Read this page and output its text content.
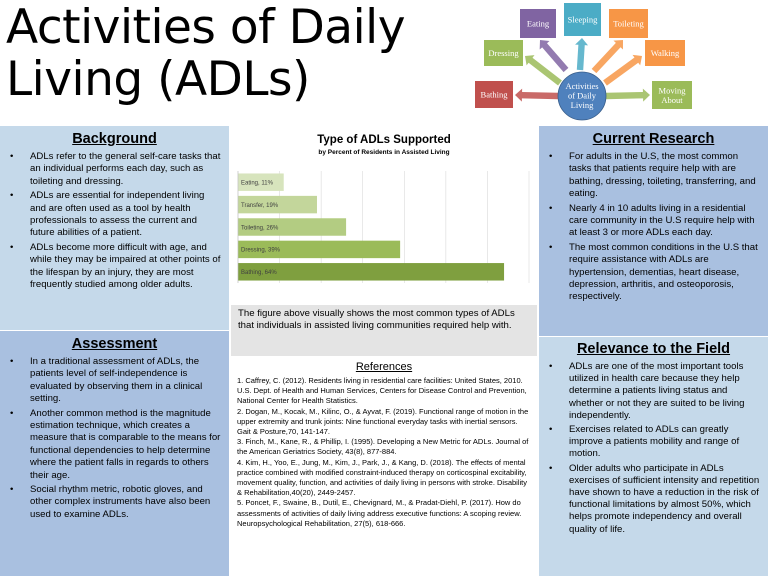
Activities of Daily Living (ADLs)
Eating Sleeping Toileting
Dressing	Walking
Bathing	Moving
About
Activities
of Daily
Living
Background
• ADLs refer to the general self-care tasks that an individual performs each day, such as toileting and dressing.
• ADLs are essential for independent living and are often used as a tool by health professionals to assess the current and future abilities of a patient.
• ADLs become more difficult with age, and while they may be impaired at other points of the lifespan by an injury, they are most frequently studied among older adults.
Assessment
• In a traditional assessment of ADLs, the patients level of self-independence is evaluated by observing them in a clinical setting.
• Another common method is the magnitude estimation technique, which creates a measure that is comparable to the means for functional dependencies to help determine where the patient falls in regards to others their age.
• Social rhythm metric, robotic gloves, and other complex instruments have also been used to examine ADLs.
Type of ADLs Supported
by Percent of Residents in Assisted Living
Eating, 11%
Transfer, 19%
Toileting, 26%
Dressing, 39%
Bathing, 64%
The figure above visually shows the most common types of ADLs that individuals in assisted living communities required help with.
References

1. Caffrey, C. (2012). Residents living in residential care facilities: United States, 2010. U.S. Dept. of Health and Human Services, Centers for Disease Control and Prevention, National Center for Health Statistics.

2. Dogan, M., Kocak, M., Kilinc, O., & Ayvat, F. (2019). Functional range of motion in the upper extremity and trunk joints: Nine functional everyday tasks with inertial sensors. Gait & Posture,70, 141-147.

3. Finch, M., Kane, R., & Phillip, I. (1995). Developing a New Metric for ADLs. Journal of the American Geriatrics Society, 43(8), 877-884.

4. Kim, H., Yoo, E., Jung, M., Kim, J., Park, J., & Kang, D. (2018). The effects of mental practice combined with modified constraint-induced therapy on corticospinal excitability, movement quality, function, and activities of daily living in persons with stroke. Disability & Rehabilitation,40(20), 2449-2457.

5. Poncet, F., Swaine, B., Dutil, E., Chevignard, M., & Pradat-Diehl, P. (2017). How do assessments of activities of daily living address executive functions: A scoping review. Neuropsychological Rehabilitation, 27(5), 618-666.

Current Research
• For adults in the U.S, the most common tasks that patients require help with are bathing, dressing, toileting, transferring, and eating.
• Nearly 4 in 10 adults living in a residential care community in the U.S require help with at least 3 or more ADLs each day.
• The most common conditions in the U.S that require assistance with ADLs are hypertension, dementias, heart disease, depression, arthritis, and osteoporosis, respectively.
Relevance to the Field
• ADLs are one of the most important tools utilized in health care because they help determine a patients living status and whether or not they are suited to be living independently.
• Exercises related to ADLs can greatly improve a patients mobility and range of motion.
• Older adults who participate in ADLs exercises of sufficient intensity and repetition have shown to have a reduction in the risk of functional limitations by almost 50%, which helps promote independency and overall quality of life.
